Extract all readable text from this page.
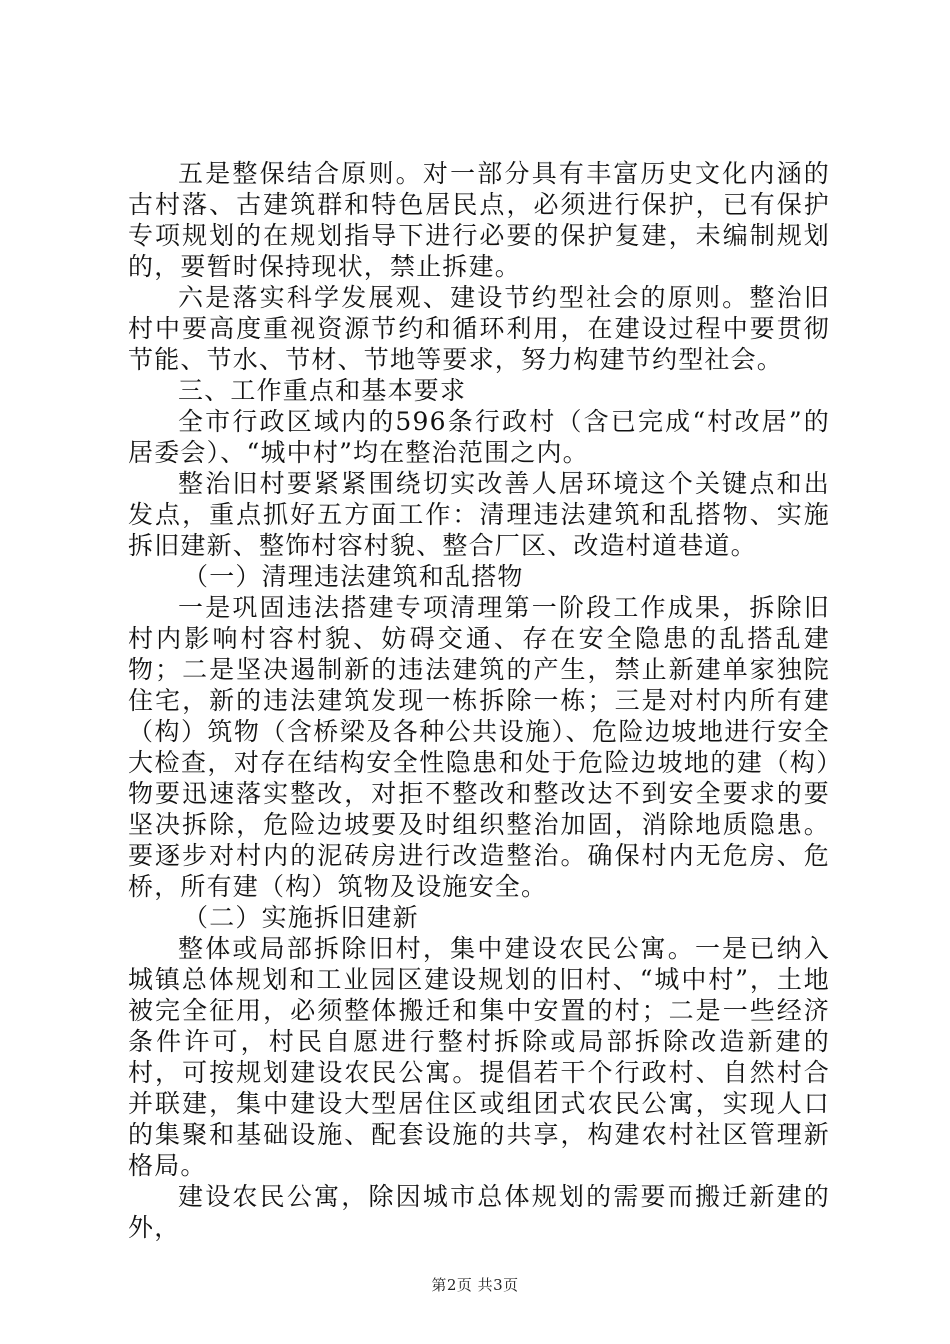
五是整保结合原则。对一部分具有丰富历史文化内涵的古村落、古建筑群和特色居民点，必须进行保护，已有保护专项规划的在规划指导下进行必要的保护复建，未编制规划的，要暂时保持现状，禁止拆建。

六是落实科学发展观、建设节约型社会的原则。整治旧村中要高度重视资源节约和循环利用，在建设过程中要贯彻节能、节水、节材、节地等要求，努力构建节约型社会。

三、工作重点和基本要求

全市行政区域内的596条行政村（含已完成“村改居”的居委会）、“城中村”均在整治范围之内。

整治旧村要紧紧围绕切实改善人居环境这个关键点和出发点，重点抓好五方面工作：清理违法建筑和乱搭物、实施拆旧建新、整饰村容村貌、整合厂区、改造村道巷道。

（一）清理违法建筑和乱搭物

一是巩固违法搭建专项清理第一阶段工作成果，拆除旧村内影响村容村貌、妨碍交通、存在安全隐患的乱搭乱建物；二是坚决遏制新的违法建筑的产生，禁止新建单家独院住宅，新的违法建筑发现一栋拆除一栋；三是对村内所有建（构）筑物（含桥梁及各种公共设施）、危险边坡地进行安全大检查，对存在结构安全性隐患和处于危险边坡地的建（构）物要迅速落实整改，对拒不整改和整改达不到安全要求的要坚决拆除，危险边坡要及时组织整治加固，消除地质隐患。要逐步对村内的泥砖房进行改造整治。确保村内无危房、危桥，所有建（构）筑物及设施安全。

（二）实施拆旧建新

整体或局部拆除旧村，集中建设农民公寓。一是已纳入城镇总体规划和工业园区建设规划的旧村、“城中村”，土地被完全征用，必须整体搬迁和集中安置的村；二是一些经济条件许可，村民自愿进行整村拆除或局部拆除改造新建的村，可按规划建设农民公寓。提倡若干个行政村、自然村合并联建，集中建设大型居住区或组团式农民公寓，实现人口的集聚和基础设施、配套设施的共享，构建农村社区管理新格局。

建设农民公寓，除因城市总体规划的需要而搬迁新建的外，

第2页 共3页
